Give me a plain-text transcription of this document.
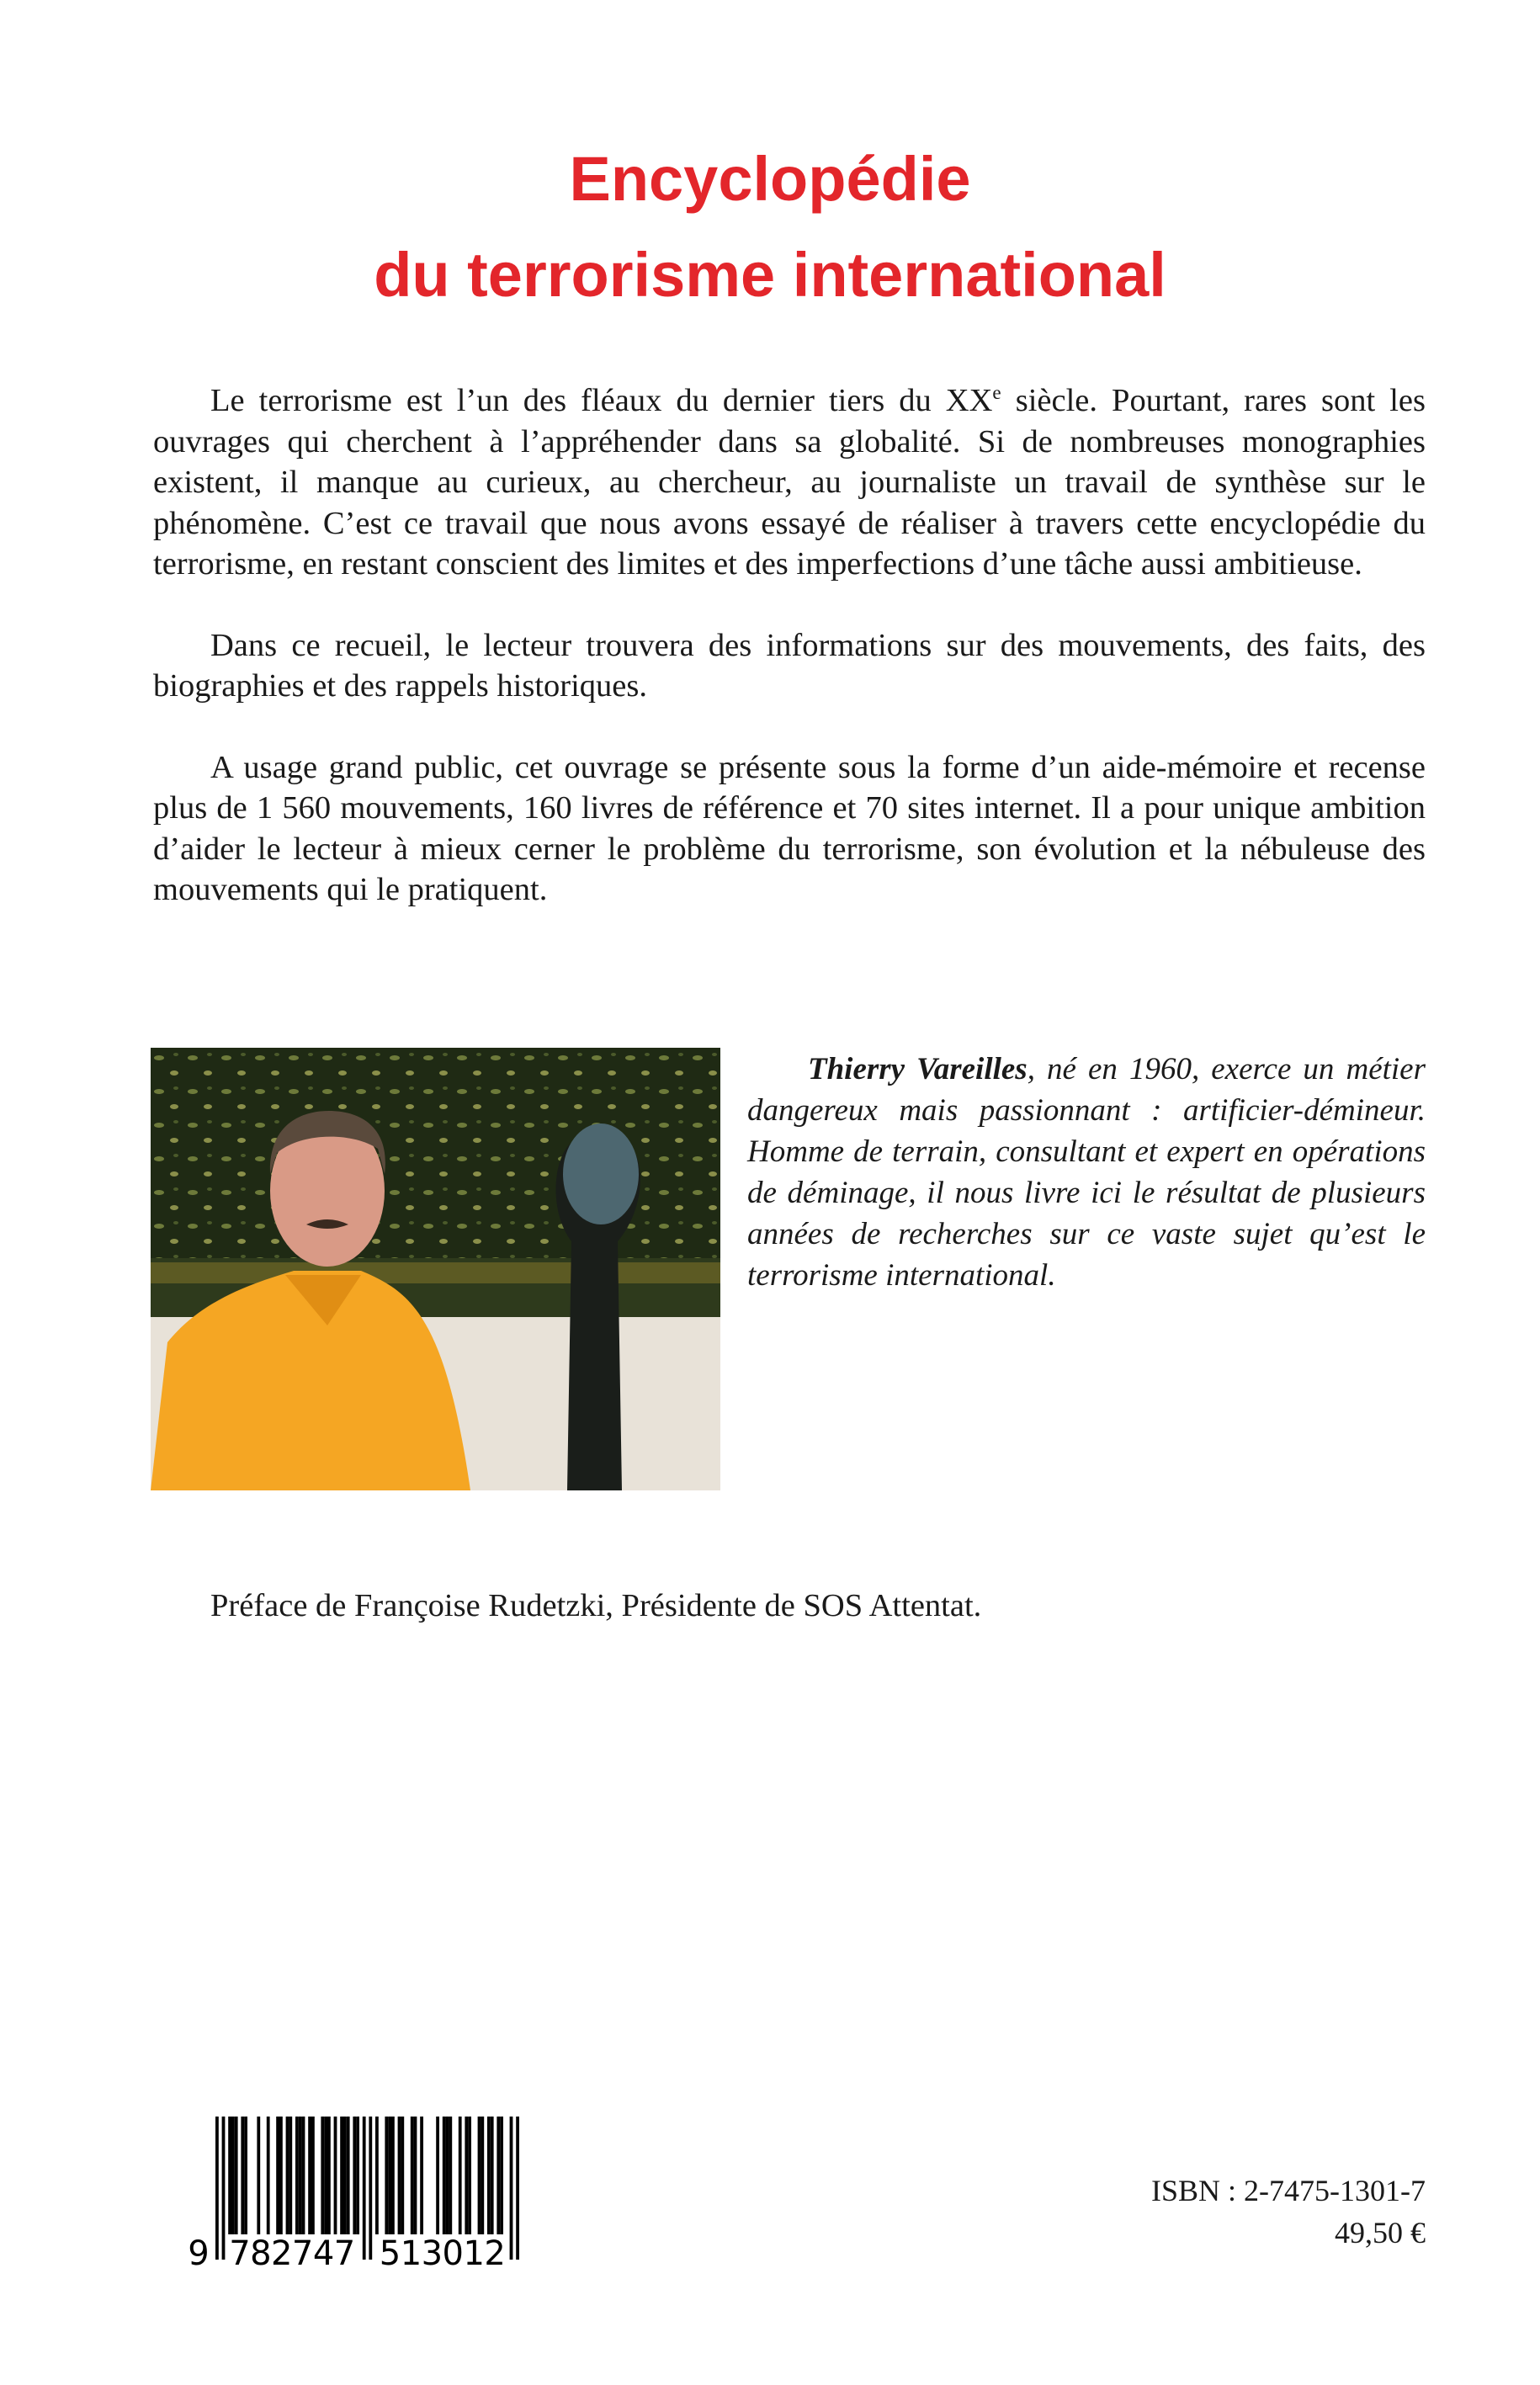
Encyclopédie
du terrorisme international

Le terrorisme est l’un des fléaux du dernier tiers du XXe siècle. Pourtant, rares sont les ouvrages qui cherchent à l’appréhender dans sa globalité. Si de nombreuses monographies existent, il manque au curieux, au chercheur, au journaliste un travail de synthèse sur le phénomène. C’est ce travail que nous avons essayé de réaliser à travers cette encyclopédie du terrorisme, en restant conscient des limites et des imperfections d’une tâche aussi ambitieuse.

Dans ce recueil, le lecteur trouvera des informations sur des mouvements, des faits, des biographies et des rappels historiques.

A usage grand public, cet ouvrage se présente sous la forme d’un aide-mémoire et recense plus de 1 560 mouvements, 160 livres de référence et 70 sites internet. Il a pour unique ambition d’aider le lecteur à mieux cerner le problème du terrorisme, son évolution et la nébuleuse des mouvements qui le pratiquent.

Thierry Vareilles, né en 1960, exerce un métier dangereux mais passionnant : artificier-démineur. Homme de terrain, consultant et expert en opérations de déminage, il nous livre ici le résultat de plusieurs années de recherches sur ce vaste sujet qu’est le terrorisme international.
Préface de Françoise Rudetzki, Présidente de SOS Attentat.
9 782747 513012
ISBN : 2-7475-1301-7
49,50 €
